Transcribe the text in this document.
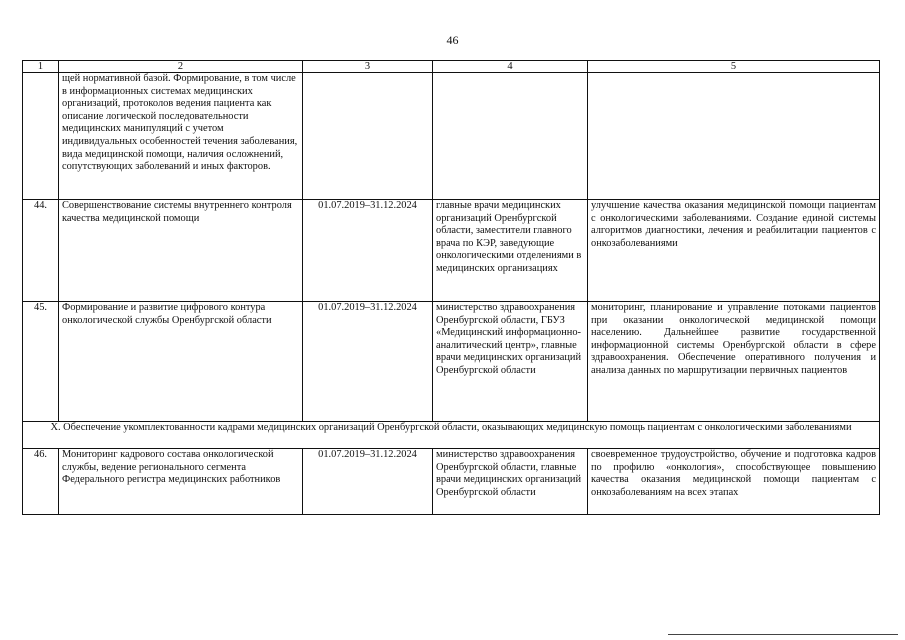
46
1	2	3	4	5
	щей нормативной базой. Формирование, в том числе в информационных системах медицинских организаций, протоколов ведения пациента как описание логической последовательности медицинских манипуляций с учетом индивидуальных особенностей течения заболевания, вида медицинской помощи, наличия осложнений, сопутствующих заболеваний и иных факторов.			
44.	Совершенствование системы внутреннего контроля качества медицинской помощи	01.07.2019–31.12.2024	главные врачи медицинских организаций Оренбургской области, заместители главного врача по КЭР, заведующие онкологическими отделениями в медицинских организациях	улучшение качества оказания медицинской помощи пациентам с онкологическими заболеваниями. Создание единой системы алгоритмов диагностики, лечения и реабилитации пациентов с онкозаболеваниями
45.	Формирование и развитие цифрового контура онкологической службы Оренбургской области	01.07.2019–31.12.2024	министерство здравоохранения Оренбургской области, ГБУЗ «Медицинский информационно-аналитический центр», главные врачи медицинских организаций Оренбургской области	мониторинг, планирование и управление потоками пациентов при оказании онкологической медицинской помощи населению. Дальнейшее развитие государственной информационной системы Оренбургской области в сфере здравоохранения. Обеспечение оперативного получения и анализа данных по маршрутизации первичных пациентов
X. Обеспечение укомплектованности кадрами медицинских организаций Оренбургской области, оказывающих медицинскую помощь пациентам с онкологическими заболеваниями				
46.	Мониторинг кадрового состава онкологической службы, ведение регионального сегмента Федерального регистра медицинских работников	01.07.2019–31.12.2024	министерство здравоохранения Оренбургской области, главные врачи медицинских организаций Оренбургской области	своевременное трудоустройство, обучение и подготовка кадров по профилю «онкология», способствующее повышению качества оказания медицинской помощи пациентам с онкозаболеваниям на всех этапах
